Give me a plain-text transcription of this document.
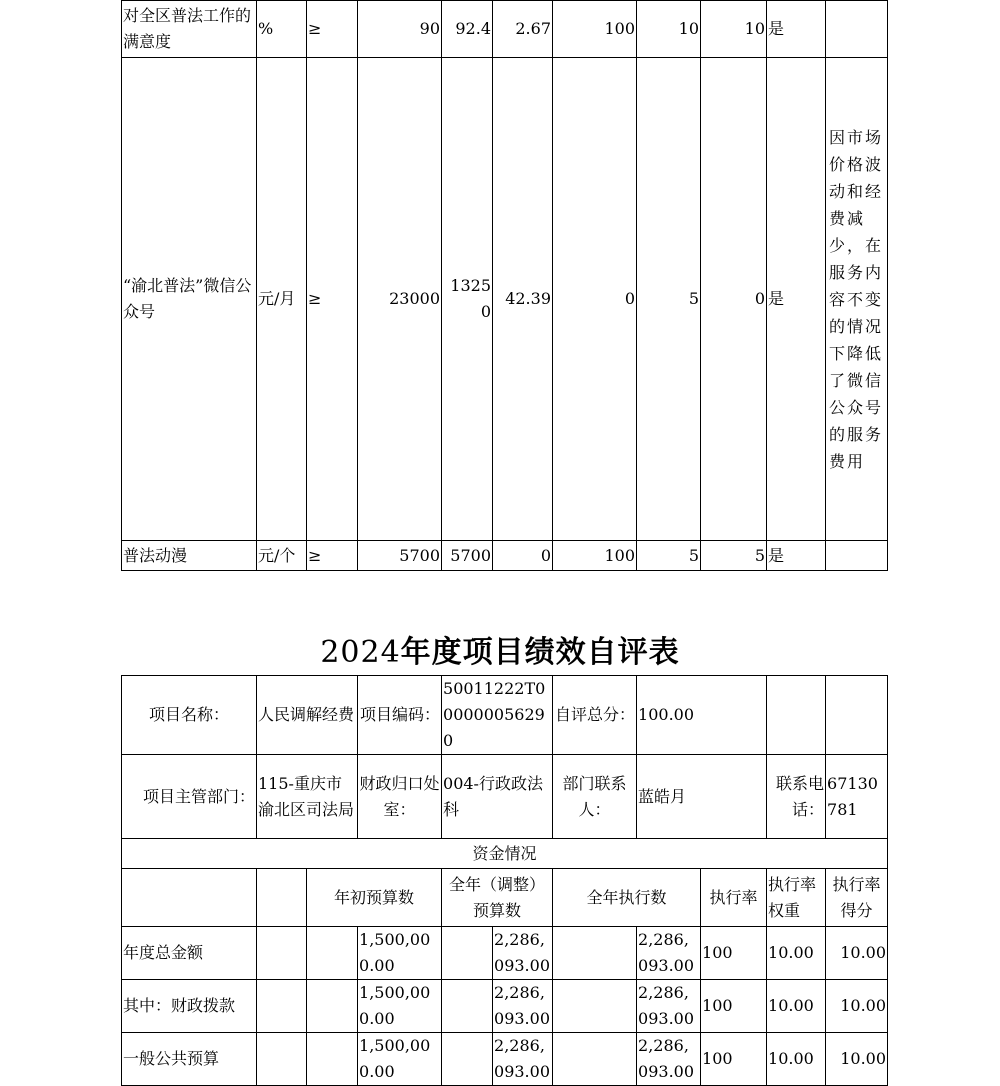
对全区普法工作的满意度	%	≥	90	92.4	2.67	100	10	10	是	
“渝北普法”微信公众号	元/月	≥	23000	13250	42.39	0	5	0	是	因市场价格波动和经费减少，在服务内容不变的情况下降低了微信公众号的服务费用
普法动漫	元/个	≥	5700	5700	0	100	5	5	是	
2024年度项目绩效自评表
项目名称：	人民调解经费		项目编码：	50011222T000000056290		自评总分：	100.00			
项目主管部门：	115-重庆市渝北区司法局		财政归口处室：	004-行政政法科		部门联系人：	蓝皓月		联系电话：	67130781
资金情况										
		年初预算数		全年（调整）预算数		全年执行数		执行率	执行率权重	执行率得分
年度总金额			1,500,000.00		2,286,093.00		2,286,093.00	100	10.00	10.00
其中：财政拨款			1,500,000.00		2,286,093.00		2,286,093.00	100	10.00	10.00
一般公共预算			1,500,000.00		2,286,093.00		2,286,093.00	100	10.00	10.00
